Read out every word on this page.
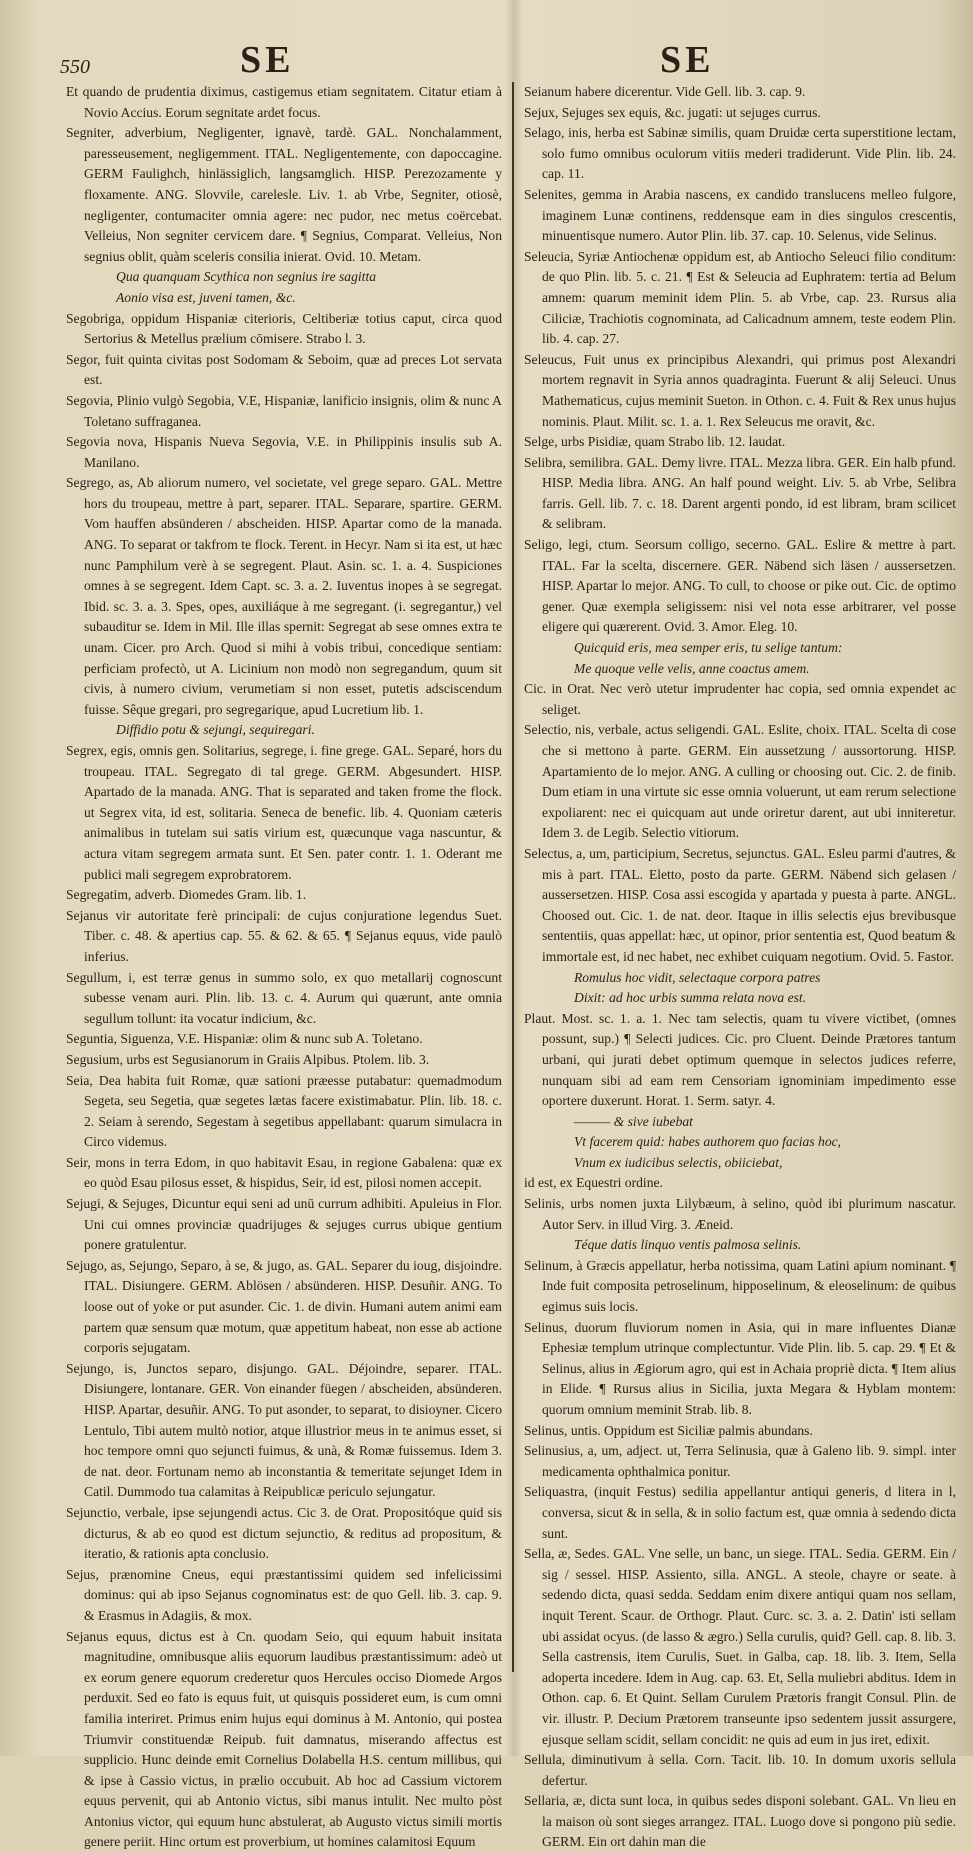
550	SE	SE

Et quando de prudentia diximus, castigemus etiam segnitatem. Citatur etiam à Novio Accius. Eorum segnitate ardet focus.

Segniter, adverbium, Negligenter, ignavè, tardè. GAL. Nonchalamment, paresseusement, negligemment. ITAL. Negligentemente, con dapoccagine. GERM Faulighch, hinlässiglich, langsamglich. HISP. Perezozamente y floxamente. ANG. Slovvile, carelesle. Liv. 1. ab Vrbe, Segniter, otiosè, negligenter, contumaciter omnia agere: nec pudor, nec metus coërcebat. Velleius, Non segniter cervicem dare. ¶ Segnius, Comparat. Velleius, Non segnius oblit, quàm sceleris consilia inierat. Ovid. 10. Metam.

Qua quanquam Scythica non segnius ire sagitta

Aonio visa est, juveni tamen, &c.

Segobriga, oppidum Hispaniæ citerioris, Celtiberiæ totius caput, circa quod Sertorius & Metellus prælium cōmisere. Strabo l. 3.

Segor, fuit quinta civitas post Sodomam & Seboim, quæ ad preces Lot servata est.

Segovia, Plinio vulgò Segobia, V.E, Hispaniæ, lanificio insignis, olim & nunc A Toletano suffraganea.

Segovia nova, Hispanis Nueva Segovia, V.E. in Philippinis insulis sub A. Manilano.

Segrego, as, Ab aliorum numero, vel societate, vel grege separo. GAL. Mettre hors du troupeau, mettre à part, separer. ITAL. Separare, spartire. GERM. Vom hauffen absünderen / abscheiden. HISP. Apartar como de la manada. ANG. To separat or takfrom te flock. Terent. in Hecyr. Nam si ita est, ut hæc nunc Pamphilum verè à se segregent. Plaut. Asin. sc. 1. a. 4. Suspiciones omnes à se segregent. Idem Capt. sc. 3. a. 2. Iuventus inopes à se segregat. Ibid. sc. 3. a. 3. Spes, opes, auxiliáque à me segregant. (i. segregantur,) vel subauditur se. Idem in Mil. Ille illas spernit: Segregat ab sese omnes extra te unam. Cicer. pro Arch. Quod si mihi à vobis tribui, concedique sentiam: perficiam profectò, ut A. Licinium non modò non segregandum, quum sit civis, à numero civium, verumetiam si non esset, putetis adsciscendum fuisse. Sêque gregari, pro segregarique, apud Lucretium lib. 1.

Diffidio potu & sejungi, sequiregari.

Segrex, egis, omnis gen. Solitarius, segrege, i. fine grege. GAL. Separé, hors du troupeau. ITAL. Segregato di tal grege. GERM. Abgesundert. HISP. Apartado de la manada. ANG. That is separated and taken frome the flock. ut Segrex vita, id est, solitaria. Seneca de benefic. lib. 4. Quoniam cæteris animalibus in tutelam sui satis virium est, quæcunque vaga nascuntur, & actura vitam segregem armata sunt. Et Sen. pater contr. 1. 1. Oderant me publici mali segregem exprobratorem.

Segregatim, adverb. Diomedes Gram. lib. 1.

Sejanus vir autoritate ferè principali: de cujus conjuratione legendus Suet. Tiber. c. 48. & apertius cap. 55. & 62. & 65. ¶ Sejanus equus, vide paulò inferius.

Segullum, i, est terræ genus in summo solo, ex quo metallarij cognoscunt subesse venam auri. Plin. lib. 13. c. 4. Aurum qui quærunt, ante omnia segullum tollunt: ita vocatur indicium, &c.

Seguntia, Siguenza, V.E. Hispaniæ: olim & nunc sub A. Toletano.

Segusium, urbs est Segusianorum in Graiis Alpibus. Ptolem. lib. 3.

Seia, Dea habita fuit Romæ, quæ sationi præesse putabatur: quemadmodum Segeta, seu Segetia, quæ segetes lætas facere existimabatur. Plin. lib. 18. c. 2. Seiam à serendo, Segestam à segetibus appellabant: quarum simulacra in Circo videmus.

Seir, mons in terra Edom, in quo habitavit Esau, in regione Gabalena: quæ ex eo quòd Esau pilosus esset, & hispidus, Seir, id est, pilosi nomen accepit.

Sejugi, & Sejuges, Dicuntur equi seni ad unū currum adhibiti. Apuleius in Flor. Uni cui omnes provinciæ quadrijuges & sejuges currus ubique gentium ponere gratulentur.

Sejugo, as, Sejungo, Separo, à se, & jugo, as. GAL. Separer du ioug, disjoindre. ITAL. Disiungere. GERM. Ablösen / absünderen. HISP. Desuñir. ANG. To loose out of yoke or put asunder. Cic. 1. de divin. Humani autem animi eam partem quæ sensum quæ motum, quæ appetitum habeat, non esse ab actione corporis sejugatam.

Sejungo, is, Junctos separo, disjungo. GAL. Déjoindre, separer. ITAL. Disiungere, lontanare. GER. Von einander füegen / abscheiden, absünderen. HISP. Apartar, desuñir. ANG. To put asonder, to separat, to disioyner. Cicero Lentulo, Tibi autem multò notior, atque illustrior meus in te animus esset, si hoc tempore omni quo sejuncti fuimus, & unà, & Romæ fuissemus. Idem 3. de nat. deor. Fortunam nemo ab inconstantia & temeritate sejunget Idem in Catil. Dummodo tua calamitas à Reipublicæ periculo sejungatur.

Sejunctio, verbale, ipse sejungendi actus. Cic 3. de Orat. Propositóque quid sis dicturus, & ab eo quod est dictum sejunctio, & reditus ad propositum, & iteratio, & rationis apta conclusio.

Sejus, prænomine Cneus, equi præstantissimi quidem sed infelicissimi dominus: qui ab ipso Sejanus cognominatus est: de quo Gell. lib. 3. cap. 9. & Erasmus in Adagiis, & mox.

Sejanus equus, dictus est à Cn. quodam Seio, qui equum habuit insitata magnitudine, omnibusque aliis equorum laudibus præstantissimum: adeò ut ex eorum genere equorum crederetur quos Hercules occiso Diomede Argos perduxit. Sed eo fato is equus fuit, ut quisquis possideret eum, is cum omni familia interiret. Primus enim hujus equi dominus à M. Antonio, qui postea Triumvir constituendæ Reipub. fuit damnatus, miserando affectus est supplicio. Hunc deinde emit Cornelius Dolabella H.S. centum millibus, qui & ipse à Cassio victus, in prælio occubuit. Ab hoc ad Cassium victorem equus pervenit, qui ab Antonio victus, sibi manus intulit. Nec multo pòst Antonius victor, qui equum hunc abstulerat, ab Augusto victus simili mortis genere periit. Hinc ortum est proverbium, ut homines calamitosi Equum

Seianum habere dicerentur. Vide Gell. lib. 3. cap. 9.

Sejux, Sejuges sex equis, &c. jugati: ut sejuges currus.

Selago, inis, herba est Sabinæ similis, quam Druidæ certa superstitione lectam, solo fumo omnibus oculorum vitiis mederi tradiderunt. Vide Plin. lib. 24. cap. 11.

Selenites, gemma in Arabia nascens, ex candido translucens melleo fulgore, imaginem Lunæ continens, reddensque eam in dies singulos crescentis, minuentisque numero. Autor Plin. lib. 37. cap. 10. Selenus, vide Selinus.

Seleucia, Syriæ Antiochenæ oppidum est, ab Antiocho Seleuci filio conditum: de quo Plin. lib. 5. c. 21. ¶ Est & Seleucia ad Euphratem: tertia ad Belum amnem: quarum meminit idem Plin. 5. ab Vrbe, cap. 23. Rursus alia Ciliciæ, Trachiotis cognominata, ad Calicadnum amnem, teste eodem Plin. lib. 4. cap. 27.

Seleucus, Fuit unus ex principibus Alexandri, qui primus post Alexandri mortem regnavit in Syria annos quadraginta. Fuerunt & alij Seleuci. Unus Mathematicus, cujus meminit Sueton. in Othon. c. 4. Fuit & Rex unus hujus nominis. Plaut. Milit. sc. 1. a. 1. Rex Seleucus me oravit, &c.

Selge, urbs Pisidiæ, quam Strabo lib. 12. laudat.

Selibra, semilibra. GAL. Demy livre. ITAL. Mezza libra. GER. Ein halb pfund. HISP. Media libra. ANG. An half pound weight. Liv. 5. ab Vrbe, Selibra farris. Gell. lib. 7. c. 18. Darent argenti pondo, id est libram, bram scilicet & selibram.

Seligo, legi, ctum. Seorsum colligo, secerno. GAL. Eslire & mettre à part. ITAL. Far la scelta, discernere. GER. Näbend sich läsen / aussersetzen. HISP. Apartar lo mejor. ANG. To cull, to choose or pike out. Cic. de optimo gener. Quæ exempla seligissem: nisi vel nota esse arbitrarer, vel posse eligere qui quærerent. Ovid. 3. Amor. Eleg. 10.

Quicquid eris, mea semper eris, tu selige tantum:

Me quoque velle velis, anne coactus amem.

Cic. in Orat. Nec verò utetur imprudenter hac copia, sed omnia expendet ac seliget.

Selectio, nis, verbale, actus seligendi. GAL. Eslite, choix. ITAL. Scelta di cose che si mettono à parte. GERM. Ein aussetzung / aussortorung. HISP. Apartamiento de lo mejor. ANG. A culling or choosing out. Cic. 2. de finib. Dum etiam in una virtute sic esse omnia voluerunt, ut eam rerum selectione expoliarent: nec ei quicquam aut unde oriretur darent, aut ubi inniteretur. Idem 3. de Legib. Selectio vitiorum.

Selectus, a, um, participium, Secretus, sejunctus. GAL. Esleu parmi d'autres, & mis à part. ITAL. Eletto, posto da parte. GERM. Näbend sich gelasen / aussersetzen. HISP. Cosa assi escogida y apartada y puesta à parte. ANGL. Choosed out. Cic. 1. de nat. deor. Itaque in illis selectis ejus brevibusque sententiis, quas appellat: hæc, ut opinor, prior sententia est, Quod beatum & immortale est, id nec habet, nec exhibet cuiquam negotium. Ovid. 5. Fastor.

Romulus hoc vidit, selectaque corpora patres

Dixit: ad hoc urbis summa relata nova est.

Plaut. Most. sc. 1. a. 1. Nec tam selectis, quam tu vivere victibet, (omnes possunt, sup.) ¶ Selecti judices. Cic. pro Cluent. Deinde Prætores tantum urbani, qui jurati debet optimum quemque in selectos judices referre, nunquam sibi ad eam rem Censoriam ignominiam impedimento esse oportere duxerunt. Horat. 1. Serm. satyr. 4.

——— & sive iubebat

Vt facerem quid: habes authorem quo facias hoc,

Vnum ex iudicibus selectis, obiiciebat,

id est, ex Equestri ordine.

Selinis, urbs nomen juxta Lilybæum, à selino, quòd ibi plurimum nascatur. Autor Serv. in illud Virg. 3. Æneid.

Téque datis linquo ventis palmosa selinis.

Selinum, à Græcis appellatur, herba notissima, quam Latini apium nominant. ¶ Inde fuit composita petroselinum, hipposelinum, & eleoselinum: de quibus egimus suis locis.

Selinus, duorum fluviorum nomen in Asia, qui in mare influentes Dianæ Ephesiæ templum utrinque complectuntur. Vide Plin. lib. 5. cap. 29. ¶ Et & Selinus, alius in Ægiorum agro, qui est in Achaia propriè dicta. ¶ Item alius in Elide. ¶ Rursus alius in Sicilia, juxta Megara & Hyblam montem: quorum omnium meminit Strab. lib. 8.

Selinus, untis. Oppidum est Siciliæ palmis abundans.

Selinusius, a, um, adject. ut, Terra Selinusia, quæ à Galeno lib. 9. simpl. inter medicamenta ophthalmica ponitur.

Seliquastra, (inquit Festus) sedilia appellantur antiqui generis, d litera in l, conversa, sicut & in sella, & in solio factum est, quæ omnia à sedendo dicta sunt.

Sella, æ, Sedes. GAL. Vne selle, un banc, un siege. ITAL. Sedia. GERM. Ein / sig / sessel. HISP. Assiento, silla. ANGL. A steole, chayre or seate. à sedendo dicta, quasi sedda. Seddam enim dixere antiqui quam nos sellam, inquit Terent. Scaur. de Orthogr. Plaut. Curc. sc. 3. a. 2. Datin' isti sellam ubi assidat ocyus. (de lasso & ægro.) Sella curulis, quid? Gell. cap. 8. lib. 3. Sella castrensis, item Curulis, Suet. in Galba, cap. 18. lib. 3. Item, Sella adoperta incedere. Idem in Aug. cap. 63. Et, Sella muliebri abditus. Idem in Othon. cap. 6. Et Quint. Sellam Curulem Prætoris frangit Consul. Plin. de vir. illustr. P. Decium Prætorem transeunte ipso sedentem jussit assurgere, ejusque sellam scidit, sellam concidit: ne quis ad eum in jus iret, edixit.

Sellula, diminutivum à sella. Corn. Tacit. lib. 10. In domum uxoris sellula defertur.

Sellaria, æ, dicta sunt loca, in quibus sedes disponi solebant. GAL. Vn lieu en la maison où sont sieges arrangez. ITAL. Luogo dove si pongono più sedie. GERM. Ein ort dahin man die
